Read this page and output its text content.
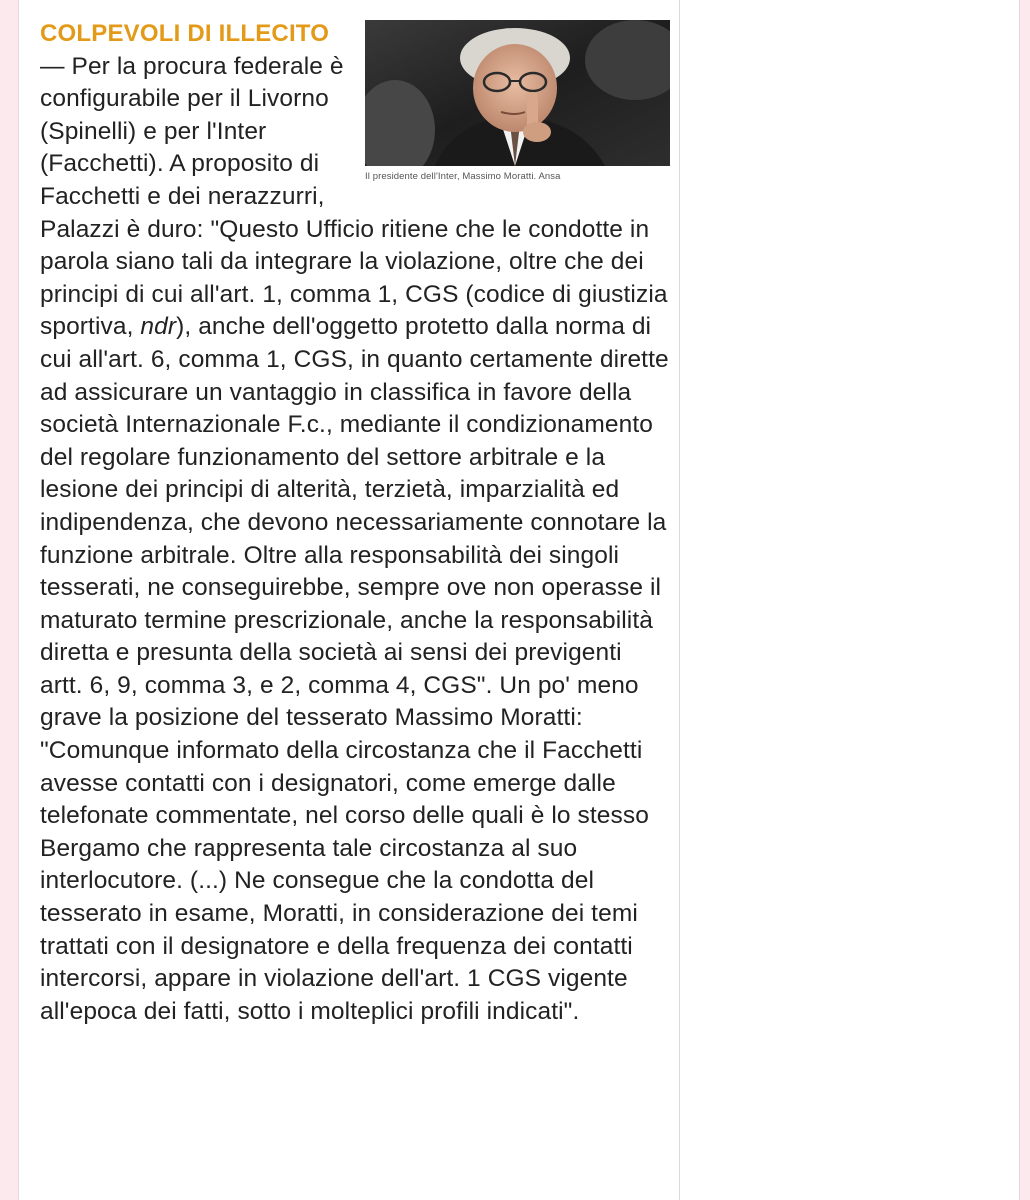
Il presidente dell'Inter, Massimo Moratti. Ansa
COLPEVOLI DI ILLECITO
— Per la procura federale è configurabile per il Livorno (Spinelli) e per l'Inter (Facchetti). A proposito di Facchetti e dei nerazzurri, Palazzi è duro: "Questo Ufficio ritiene che le condotte in parola siano tali da integrare la violazione, oltre che dei principi di cui all'art. 1, comma 1, CGS (codice di giustizia sportiva, ndr), anche dell'oggetto protetto dalla norma di cui all'art. 6, comma 1, CGS, in quanto certamente dirette ad assicurare un vantaggio in classifica in favore della società Internazionale F.c., mediante il condizionamento del regolare funzionamento del settore arbitrale e la lesione dei principi di alterità, terzietà, imparzialità ed indipendenza, che devono necessariamente connotare la funzione arbitrale. Oltre alla responsabilità dei singoli tesserati, ne conseguirebbe, sempre ove non operasse il maturato termine prescrizionale, anche la responsabilità diretta e presunta della società ai sensi dei previgenti artt. 6, 9, comma 3, e 2, comma 4, CGS". Un po' meno grave la posizione del tesserato Massimo Moratti: "Comunque informato della circostanza che il Facchetti avesse contatti con i designatori, come emerge dalle telefonate commentate, nel corso delle quali è lo stesso Bergamo che rappresenta tale circostanza al suo interlocutore. (...) Ne consegue che la condotta del tesserato in esame, Moratti, in considerazione dei temi trattati con il designatore e della frequenza dei contatti intercorsi, appare in violazione dell'art. 1 CGS vigente all'epoca dei fatti, sotto i molteplici profili indicati".
